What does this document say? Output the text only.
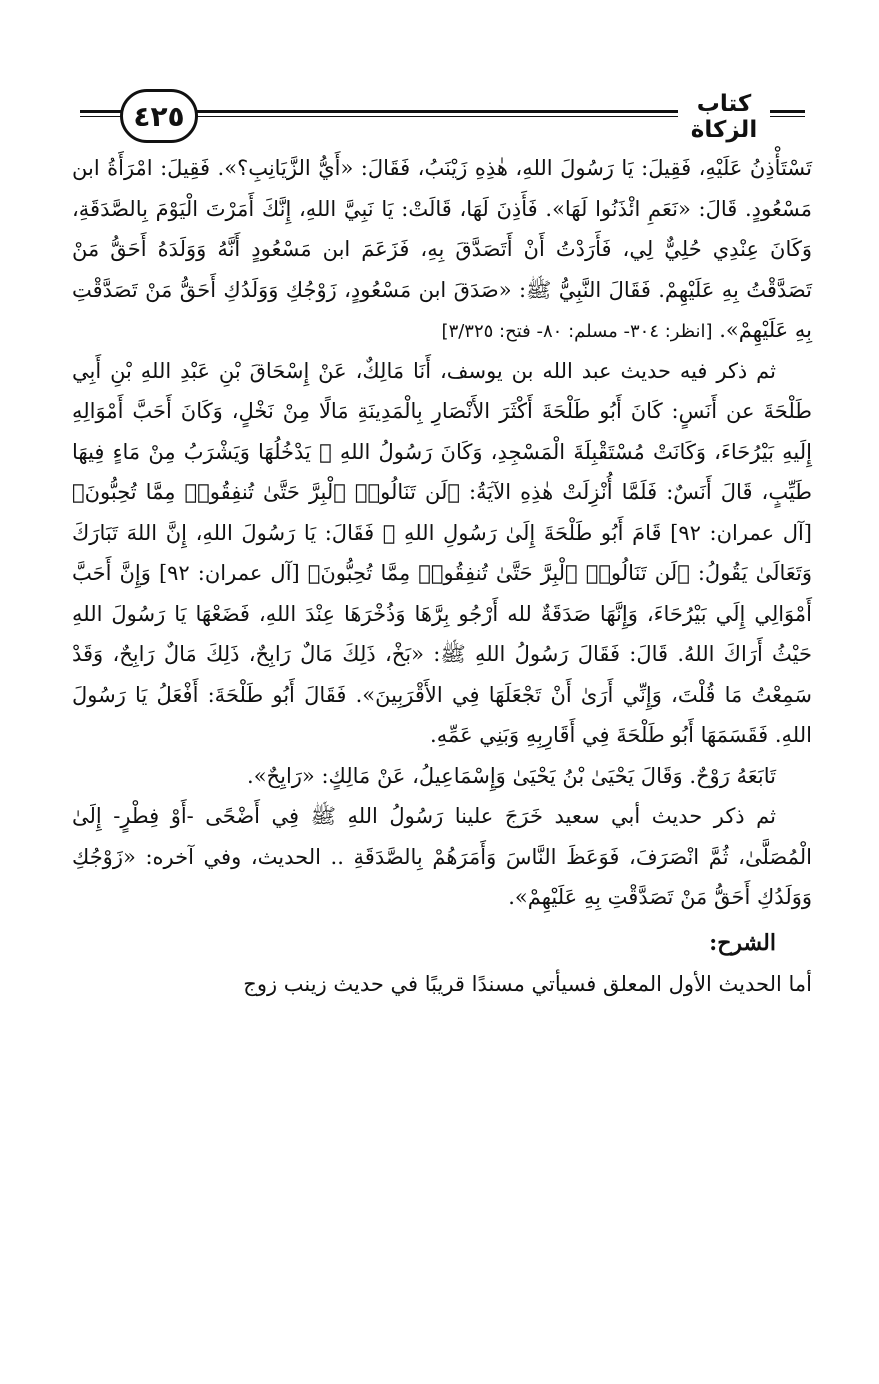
٤٢٥	كتاب الزكاة

تَسْتَأْذِنُ عَلَيْهِ، فَقِيلَ: يَا رَسُولَ اللهِ، هٰذِهِ زَيْنَبُ، فَقَالَ: «أَيُّ الزَّيَانِبِ؟». فَقِيلَ: امْرَأَةُ ابن مَسْعُودٍ. قَالَ: «نَعَمِ ائْذَنُوا لَهَا». فَأَذِنَ لَهَا، قَالَتْ: يَا نَبِيَّ اللهِ، إِنَّكَ أَمَرْتَ الْيَوْمَ بِالصَّدَقَةِ، وَكَانَ عِنْدِي حُلِيٌّ لِي، فَأَرَدْتُ أَنْ أَتَصَدَّقَ بِهِ، فَزَعَمَ ابن مَسْعُودٍ أَنَّهُ وَوَلَدَهُ أَحَقُّ مَنْ تَصَدَّقْتُ بِهِ عَلَيْهِمْ. فَقَالَ النَّبِيُّ ﷺ: «صَدَقَ ابن مَسْعُودٍ، زَوْجُكِ وَوَلَدُكِ أَحَقُّ مَنْ تَصَدَّقْتِ بِهِ عَلَيْهِمْ». [انظر: ٣٠٤- مسلم: ٨٠- فتح: ٣/٣٢٥]

ثم ذكر فيه حديث عبد الله بن يوسف، أَنَا مَالِكٌ، عَنْ إِسْحَاقَ بْنِ عَبْدِ اللهِ بْنِ أَبِي طَلْحَةَ عن أَنَسٍ: كَانَ أَبُو طَلْحَةَ أَكْثَرَ الأَنْصَارِ بِالْمَدِينَةِ مَالًا مِنْ نَخْلٍ، وَكَانَ أَحَبَّ أَمْوَالِهِ إِلَيهِ بَيْرُحَاءَ، وَكَانَتْ مُسْتَقْبِلَةَ الْمَسْجِدِ، وَكَانَ رَسُولُ اللهِ ﷺ يَدْخُلُهَا وَيَشْرَبُ مِنْ مَاءٍ فِيهَا طَيِّبٍ، قَالَ أَنَسٌ: فَلَمَّا أُنْزِلَتْ هٰذِهِ الآيَةُ: ﴿لَن تَنَالُوا۟ ٱلْبِرَّ حَتَّىٰ تُنفِقُوا۟ مِمَّا تُحِبُّونَ﴾ [آل عمران: ٩٢] قَامَ أَبُو طَلْحَةَ إِلَىٰ رَسُولِ اللهِ ﷺ فَقَالَ: يَا رَسُولَ اللهِ، إِنَّ اللهَ تَبَارَكَ وَتَعَالَىٰ يَقُولُ: ﴿لَن تَنَالُوا۟ ٱلْبِرَّ حَتَّىٰ تُنفِقُوا۟ مِمَّا تُحِبُّونَ﴾ [آل عمران: ٩٢] وَإِنَّ أَحَبَّ أَمْوَالِي إِلَي بَيْرُحَاءَ، وَإِنَّهَا صَدَقَةٌ لله أَرْجُو بِرَّهَا وَذُخْرَهَا عِنْدَ اللهِ، فَضَعْهَا يَا رَسُولَ اللهِ حَيْثُ أَرَاكَ اللهُ. قَالَ: فَقَالَ رَسُولُ اللهِ ﷺ: «بَخْ، ذَلِكَ مَالٌ رَابِحٌ، ذَلِكَ مَالٌ رَابِحٌ، وَقَدْ سَمِعْتُ مَا قُلْتَ، وَإِنِّي أَرَىٰ أَنْ تَجْعَلَهَا فِي الأَقْرَبِينَ». فَقَالَ أَبُو طَلْحَةَ: أَفْعَلُ يَا رَسُولَ اللهِ. فَقَسَمَهَا أَبُو طَلْحَةَ فِي أَقَارِبِهِ وَبَنِي عَمِّهِ.

تَابَعَهُ رَوْحٌ. وَقَالَ يَحْيَىٰ بْنُ يَحْيَىٰ وَإِسْمَاعِيلُ، عَنْ مَالِكٍ: «رَايِحٌ».

ثم ذكر حديث أبي سعيد خَرَجَ علينا رَسُولُ اللهِ ﷺ فِي أَضْحًى -أَوْ فِطْرٍ- إِلَىٰ الْمُصَلَّىٰ، ثُمَّ انْصَرَفَ، فَوَعَظَ النَّاسَ وَأَمَرَهُمْ بِالصَّدَقَةِ .. الحديث، وفي آخره: «زَوْجُكِ وَوَلَدُكِ أَحَقُّ مَنْ تَصَدَّقْتِ بِهِ عَلَيْهِمْ».

الشرح:

أما الحديث الأول المعلق فسيأتي مسندًا قريبًا في حديث زينب زوج
